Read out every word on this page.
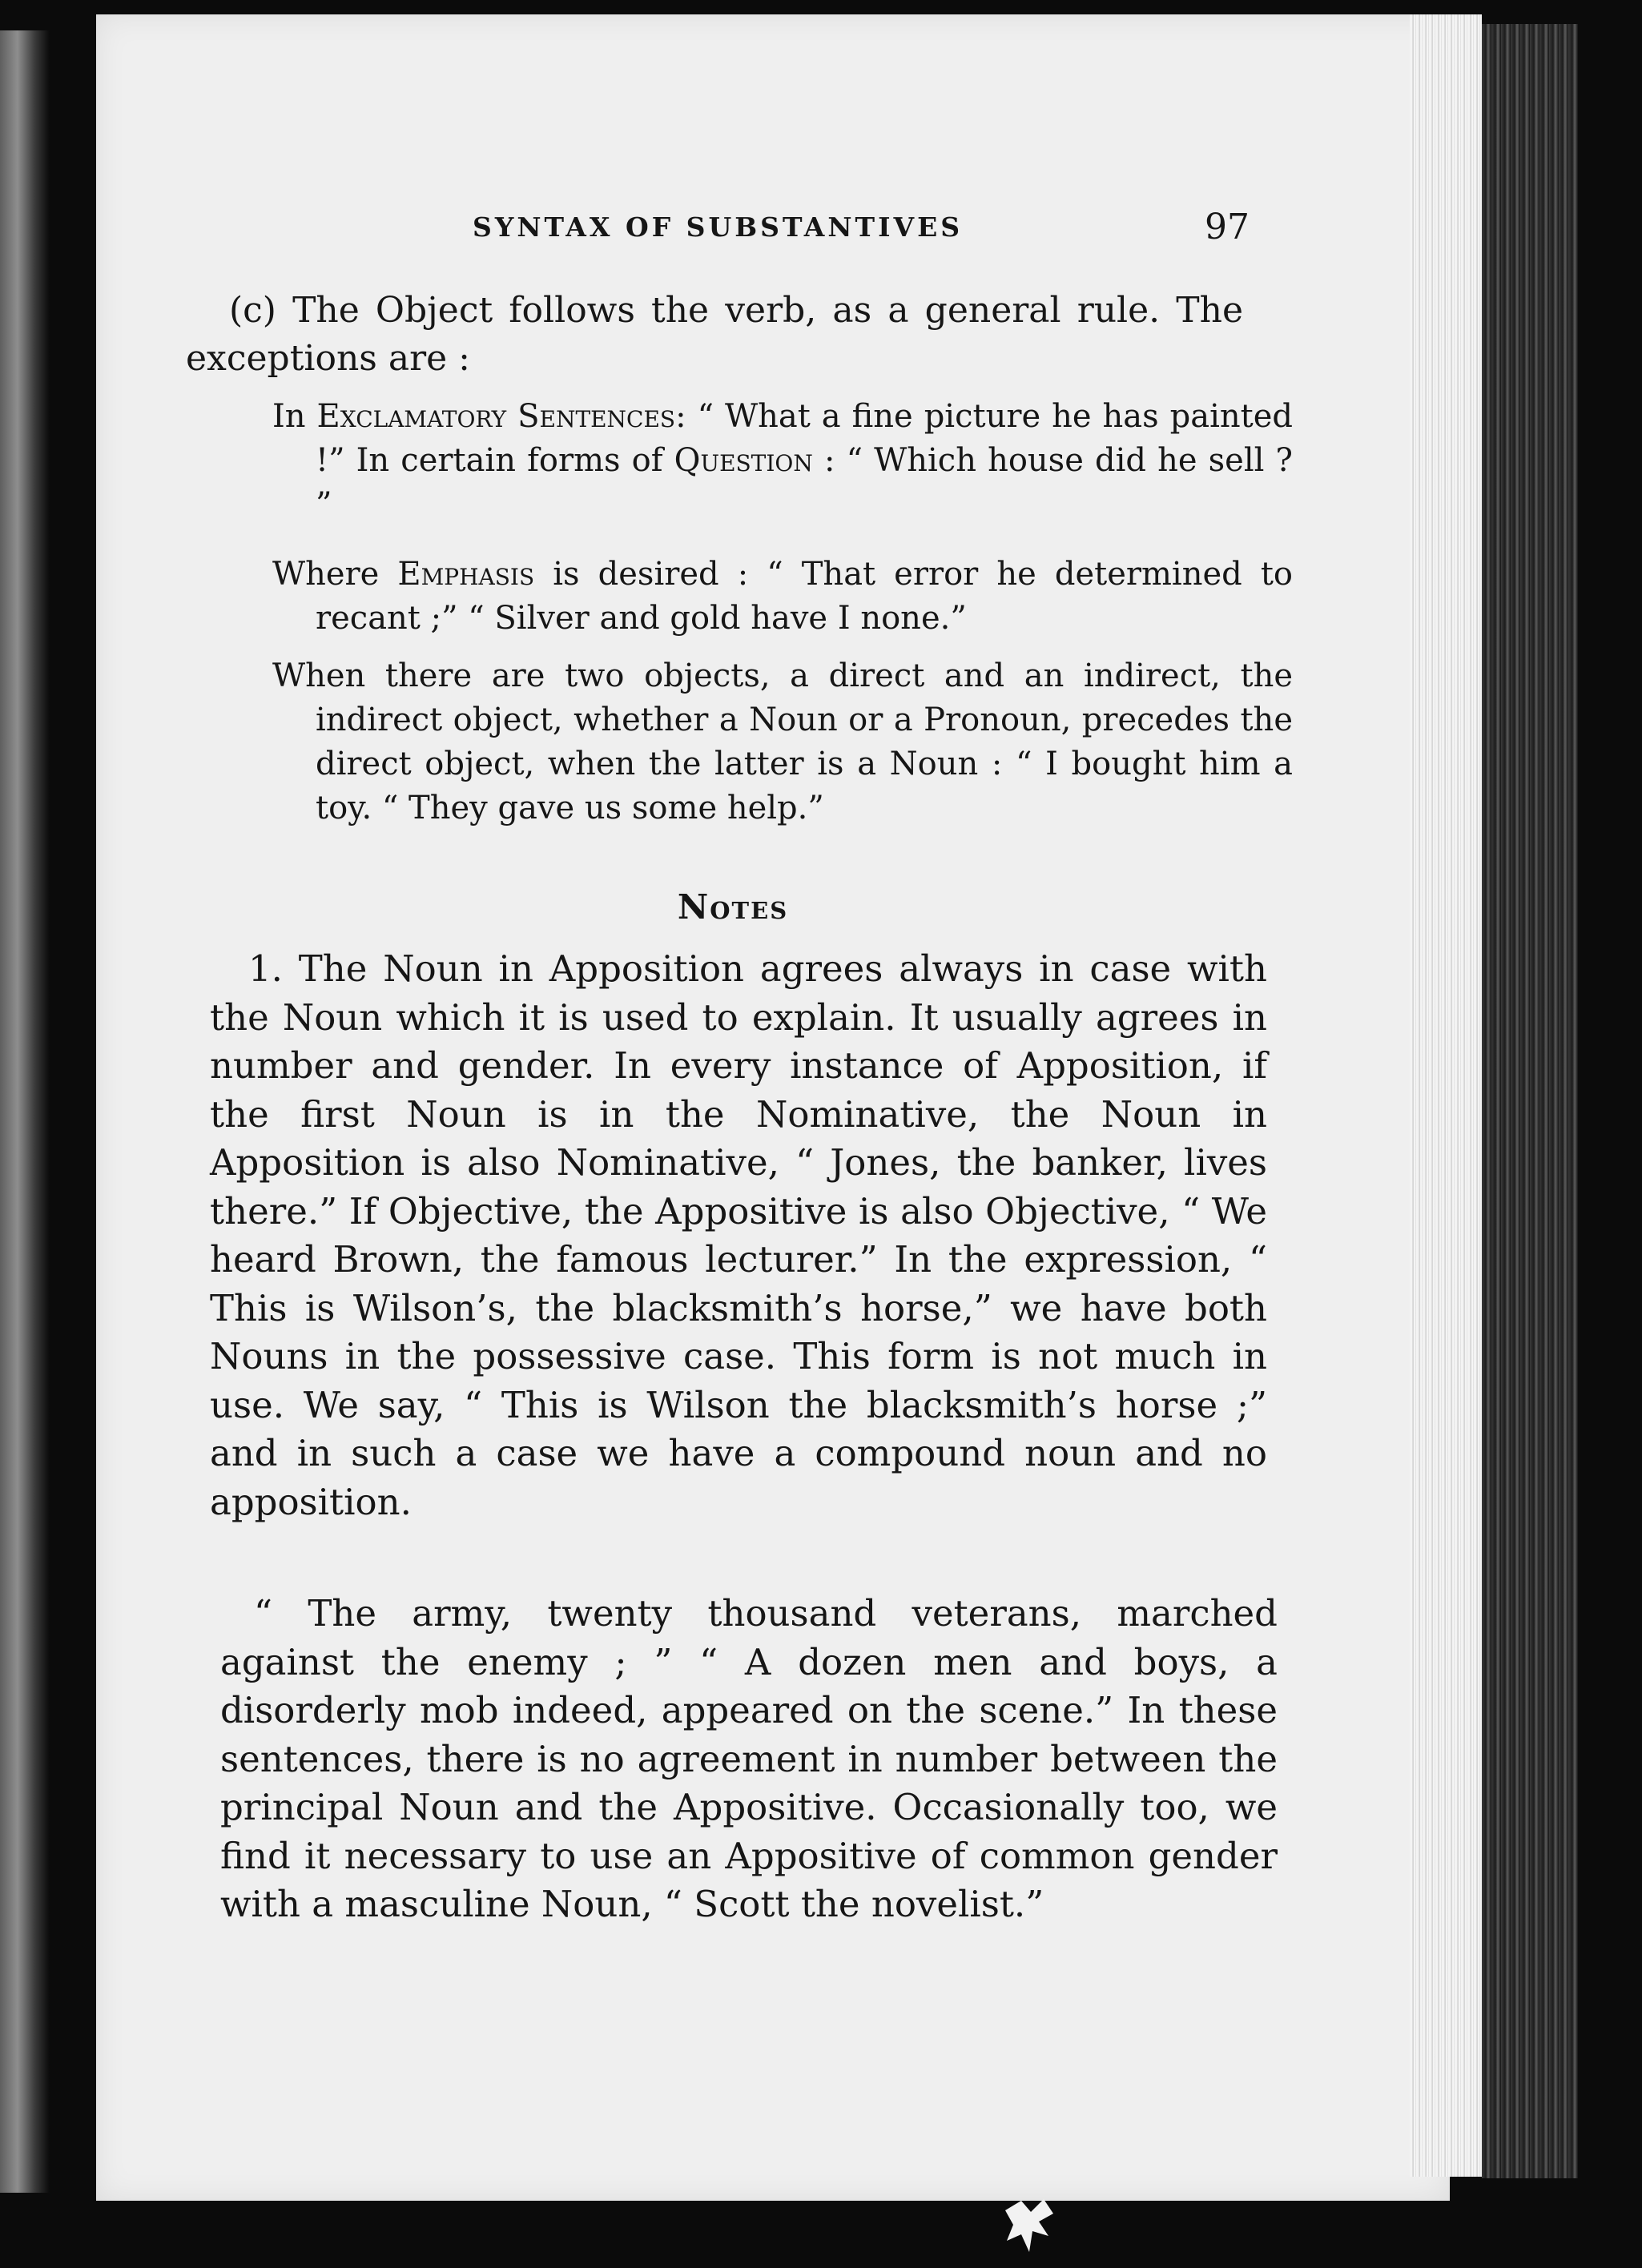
SYNTAX OF SUBSTANTIVES	97

(c) The Object follows the verb, as a general rule. The exceptions are :

In Exclamatory Sentences: “ What a fine picture he has painted !” In certain forms of Question : “ Which house did he sell ? ”

Where Emphasis is desired : “ That error he determined to recant ;” “ Silver and gold have I none.”

When there are two objects, a direct and an indirect, the indirect object, whether a Noun or a Pronoun, precedes the direct object, when the latter is a Noun : “ I bought him a toy. “ They gave us some help.”

Notes

1. The Noun in Apposition agrees always in case with the Noun which it is used to explain. It usually agrees in number and gender. In every instance of Apposition, if the first Noun is in the Nominative, the Noun in Apposition is also Nominative, “ Jones, the banker, lives there.” If Objective, the Appositive is also Objective, “ We heard Brown, the famous lecturer.” In the expression, “ This is Wilson’s, the blacksmith’s horse,” we have both Nouns in the possessive case. This form is not much in use. We say, “ This is Wilson the blacksmith’s horse ;” and in such a case we have a compound noun and no apposition.

“ The army, twenty thousand veterans, marched against the enemy ; ” “ A dozen men and boys, a disorderly mob indeed, appeared on the scene.” In these sentences, there is no agreement in number between the principal Noun and the Appositive. Occasionally too, we find it necessary to use an Appositive of common gender with a masculine Noun, “ Scott the novelist.”
